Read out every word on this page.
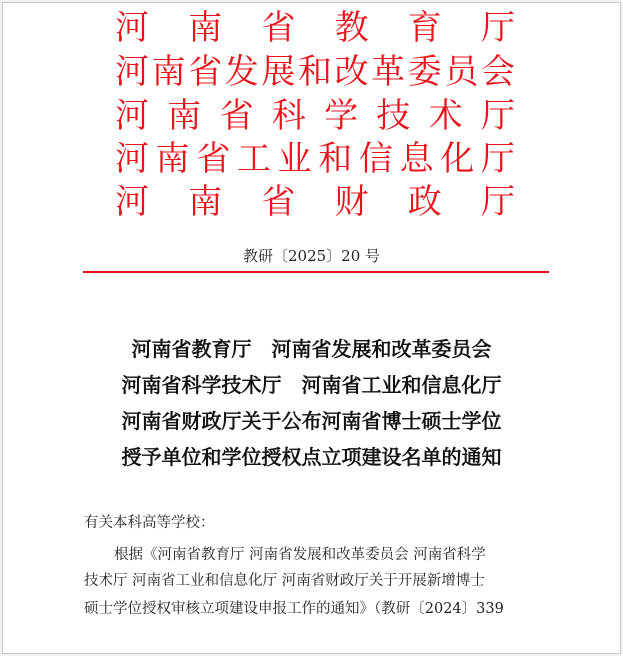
河 南 省 教 育 厅
河 南 省 发 展 和 改 革 委 员 会
河 南 省 科 学 技 术 厅
河 南 省 工 业 和 信 息 化 厅
河 南 省 财 政 厅
教研〔2025〕20 号
河南省教育厅　河南省发展和改革委员会
河南省科学技术厅　河南省工业和信息化厅
河南省财政厅关于公布河南省博士硕士学位
授予单位和学位授权点立项建设名单的通知
有关本科高等学校：
根据《河南省教育厅 河南省发展和改革委员会 河南省科学
技术厅 河南省工业和信息化厅 河南省财政厅关于开展新增博士
硕士学位授权审核立项建设申报工作的通知》（教研〔2024〕339
